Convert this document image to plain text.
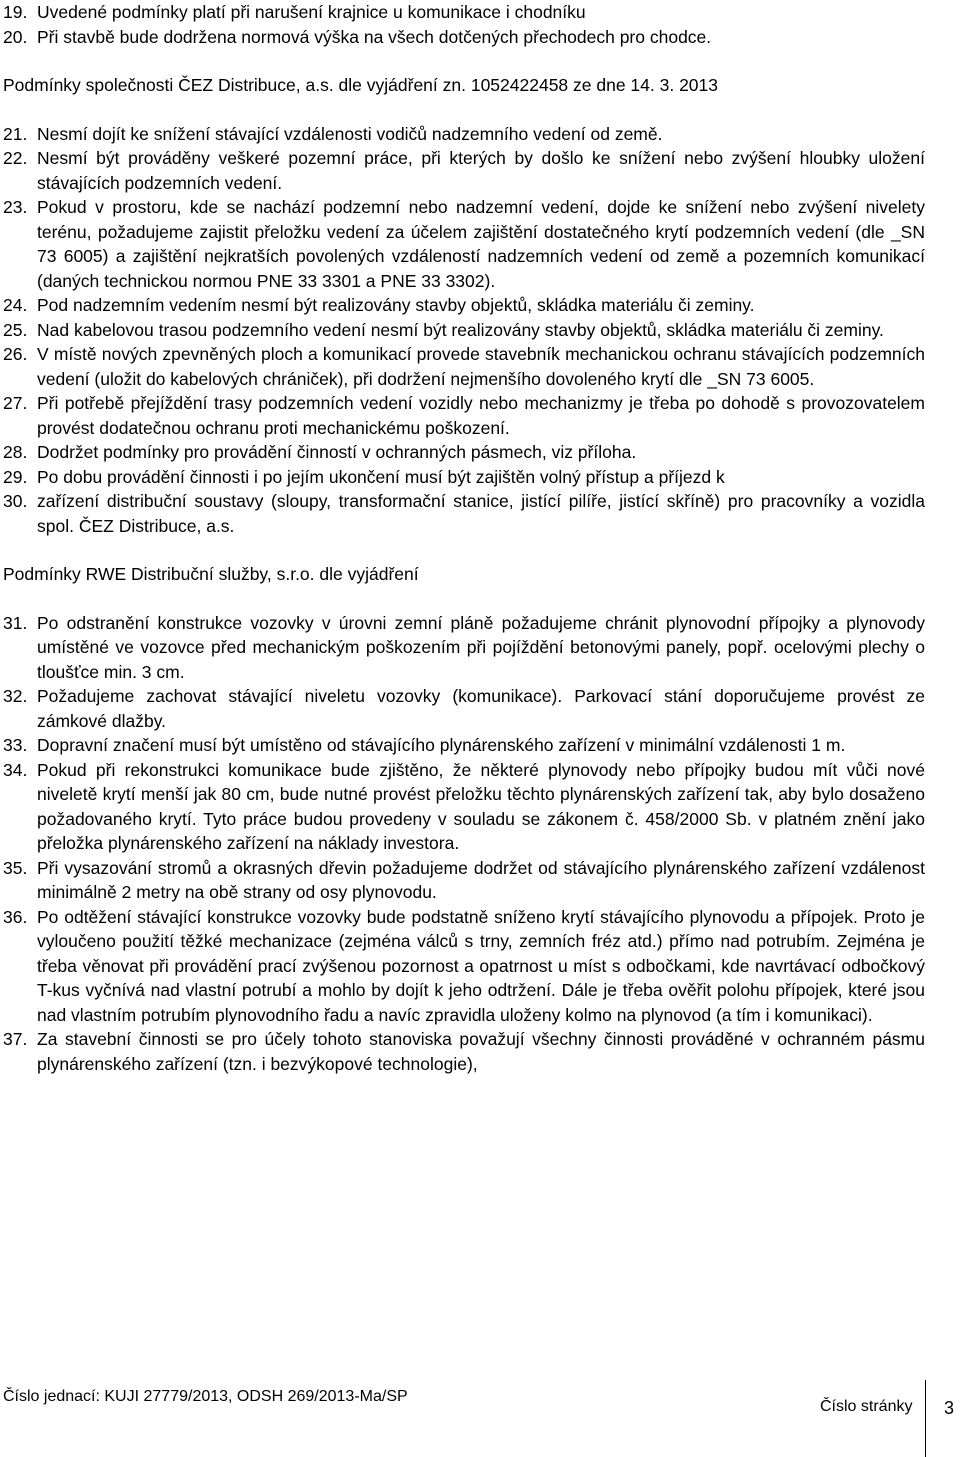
19. Uvedené podmínky platí při narušení krajnice u komunikace i chodníku
20. Při stavbě bude dodržena normová výška na všech dotčených přechodech pro chodce.
Podmínky společnosti ČEZ Distribuce, a.s. dle vyjádření zn. 1052422458 ze dne 14. 3. 2013
21. Nesmí dojít ke snížení stávající vzdálenosti vodičů nadzemního vedení od země.
22. Nesmí být prováděny veškeré pozemní práce, při kterých by došlo ke snížení nebo zvýšení hloubky uložení stávajících podzemních vedení.
23. Pokud v prostoru, kde se nachází podzemní nebo nadzemní vedení, dojde ke snížení nebo zvýšení nivelety terénu, požadujeme zajistit přeložku vedení za účelem zajištění dostatečného krytí podzemních vedení (dle _SN 73 6005) a zajištění nejkratších povolených vzdáleností nadzemních vedení od země a pozemních komunikací (daných technickou normou PNE 33 3301 a PNE 33 3302).
24. Pod nadzemním vedením nesmí být realizovány stavby objektů, skládka materiálu či zeminy.
25. Nad kabelovou trasou podzemního vedení nesmí být realizovány stavby objektů, skládka materiálu či zeminy.
26. V místě nových zpevněných ploch a komunikací provede stavebník mechanickou ochranu stávajících podzemních vedení (uložit do kabelových chrániček), při dodržení nejmenšího dovoleného krytí dle _SN 73 6005.
27. Při potřebě přejíždění trasy podzemních vedení vozidly nebo mechanizmy je třeba po dohodě s provozovatelem provést dodatečnou ochranu proti mechanickému poškození.
28. Dodržet podmínky pro provádění činností v ochranných pásmech, viz příloha.
29. Po dobu provádění činnosti i po jejím ukončení musí být zajištěn volný přístup a příjezd k
30. zařízení distribuční soustavy (sloupy, transformační stanice, jistící pilíře, jistící skříně) pro pracovníky a vozidla spol. ČEZ Distribuce, a.s.
Podmínky RWE Distribuční služby, s.r.o. dle vyjádření
31. Po odstranění konstrukce vozovky v úrovni zemní pláně požadujeme chránit plynovodní přípojky a plynovody umístěné ve vozovce před mechanickým poškozením při pojíždění betonovými panely, popř. ocelovými plechy o tloušťce min. 3 cm.
32. Požadujeme zachovat stávající niveletu vozovky (komunikace). Parkovací stání doporučujeme provést ze zámkové dlažby.
33. Dopravní značení musí být umístěno od stávajícího plynárenského zařízení v minimální vzdálenosti 1 m.
34. Pokud při rekonstrukci komunikace bude zjištěno, že některé plynovody nebo přípojky budou mít vůči nové niveletě krytí menší jak 80 cm, bude nutné provést přeložku těchto plynárenských zařízení tak, aby bylo dosaženo požadovaného krytí. Tyto práce budou provedeny v souladu se zákonem č. 458/2000 Sb. v platném znění jako přeložka plynárenského zařízení na náklady investora.
35. Při vysazování stromů a okrasných dřevin požadujeme dodržet od stávajícího plynárenského zařízení vzdálenost minimálně 2 metry na obě strany od osy plynovodu.
36. Po odtěžení stávající konstrukce vozovky bude podstatně sníženo krytí stávajícího plynovodu a přípojek. Proto je vyloučeno použití těžké mechanizace (zejména válců s trny, zemních fréz atd.) přímo nad potrubím. Zejména je třeba věnovat při provádění prací zvýšenou pozornost a opatrnost u míst s odbočkami, kde navrtávací odbočkový T-kus vyčnívá nad vlastní potrubí a mohlo by dojít k jeho odtržení. Dále je třeba ověřit polohu přípojek, které jsou nad vlastním potrubím plynovodního řadu a navíc zpravidla uloženy kolmo na plynovod (a tím i komunikaci).
37. Za stavební činnosti se pro účely tohoto stanoviska považují všechny činnosti prováděné v ochranném pásmu plynárenského zařízení (tzn. i bezvýkopové technologie),
Číslo jednací: KUJI 27779/2013, ODSH 269/2013-Ma/SP
Číslo stránky 3
